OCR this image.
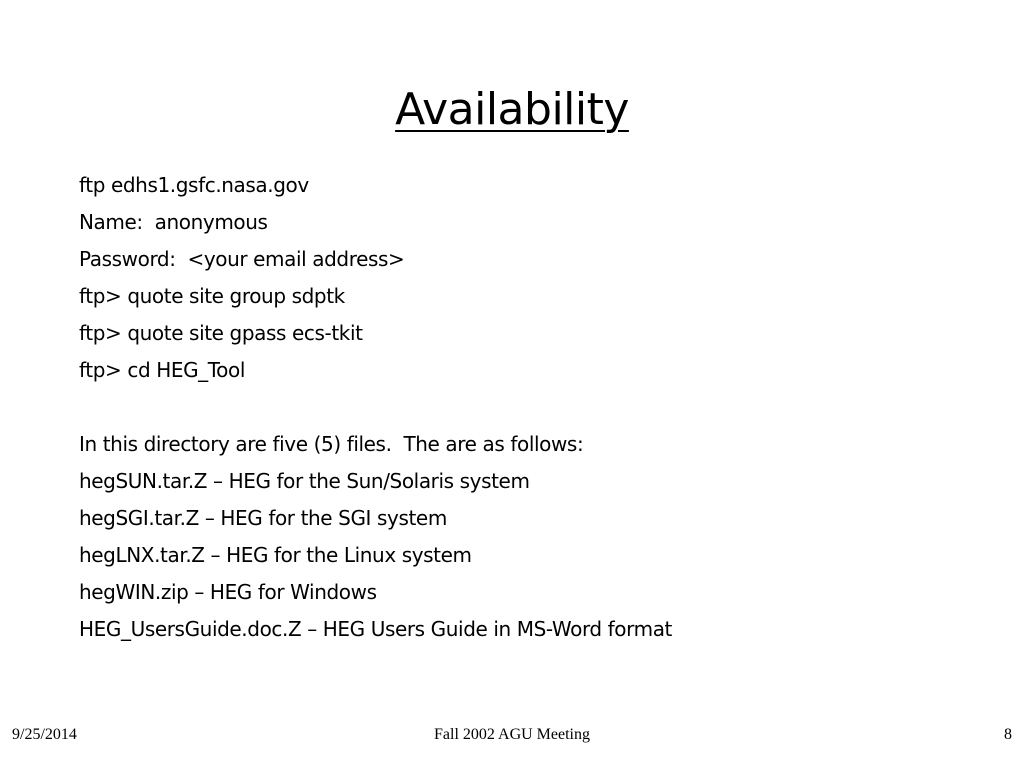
Availability
ftp edhs1.gsfc.nasa.gov
Name:  anonymous
Password:  <your email address>
ftp> quote site group sdptk
ftp> quote site gpass ecs-tkit
ftp> cd HEG_Tool
In this directory are five (5) files.  The are as follows:
hegSUN.tar.Z – HEG for the Sun/Solaris system
hegSGI.tar.Z – HEG for the SGI system
hegLNX.tar.Z – HEG for the Linux system
hegWIN.zip – HEG for Windows
HEG_UsersGuide.doc.Z – HEG Users Guide in MS-Word format
9/25/2014	Fall 2002 AGU Meeting	8
